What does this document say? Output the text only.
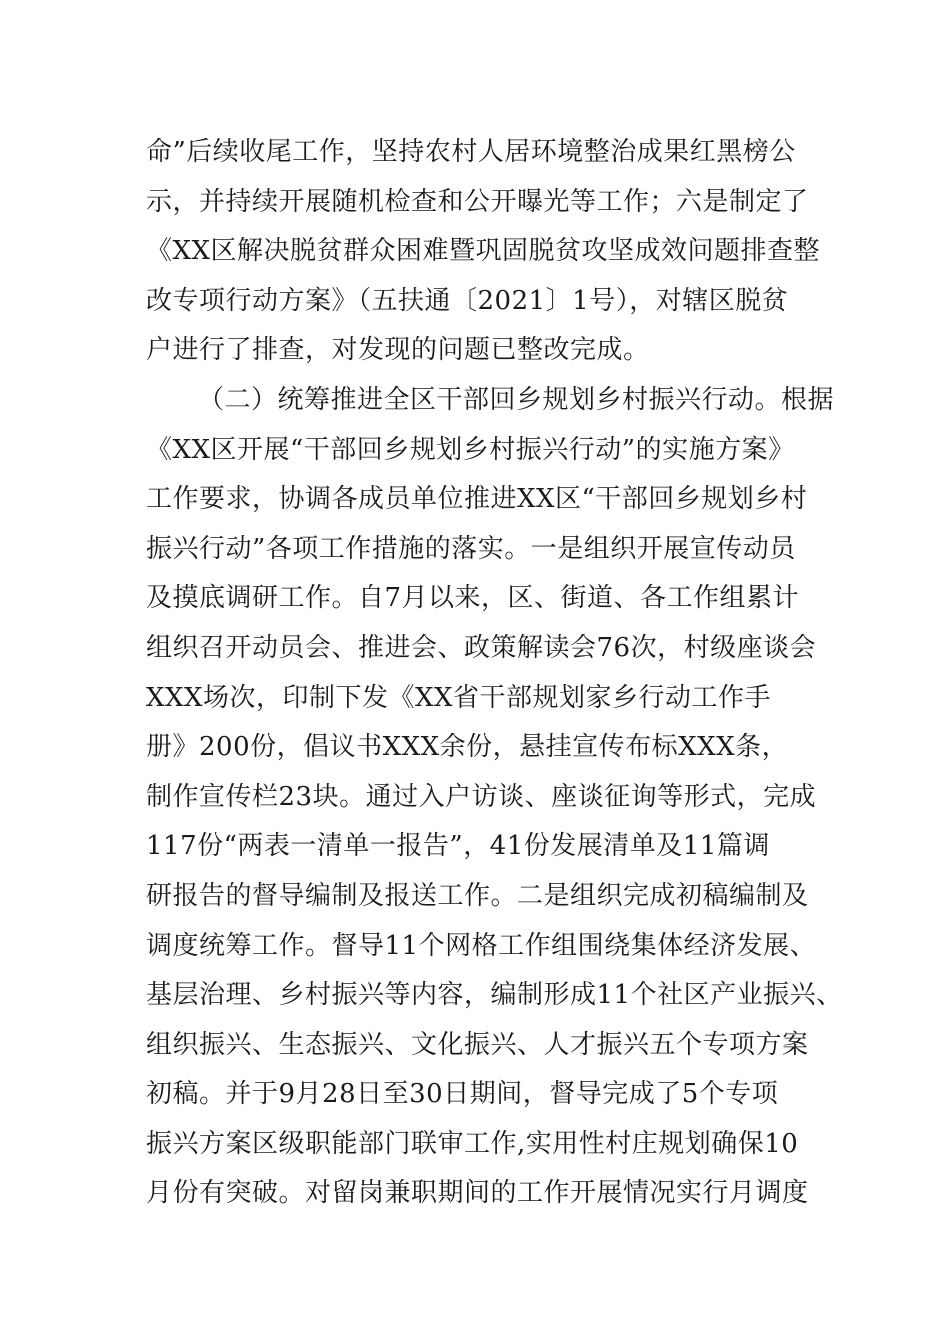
命”后续收尾工作，坚持农村人居环境整治成果红黑榜公
示，并持续开展随机检查和公开曝光等工作；六是制定了
《XX区解决脱贫群众困难暨巩固脱贫攻坚成效问题排查整
改专项行动方案》（五扶通〔2021〕1号），对辖区脱贫
户进行了排查，对发现的问题已整改完成。
（二）统筹推进全区干部回乡规划乡村振兴行动。根据
《XX区开展“干部回乡规划乡村振兴行动”的实施方案》
工作要求，协调各成员单位推进XX区“干部回乡规划乡村
振兴行动”各项工作措施的落实。一是组织开展宣传动员
及摸底调研工作。自7月以来，区、街道、各工作组累计
组织召开动员会、推进会、政策解读会76次，村级座谈会
XXX场次，印制下发《XX省干部规划家乡行动工作手
册》200份，倡议书XXX余份，悬挂宣传布标XXX条，
制作宣传栏23块。通过入户访谈、座谈征询等形式，完成
117份“两表一清单一报告”，41份发展清单及11篇调
研报告的督导编制及报送工作。二是组织完成初稿编制及
调度统筹工作。督导11个网格工作组围绕集体经济发展、
基层治理、乡村振兴等内容，编制形成11个社区产业振兴、
组织振兴、生态振兴、文化振兴、人才振兴五个专项方案
初稿。并于9月28日至30日期间，督导完成了5个专项
振兴方案区级职能部门联审工作,实用性村庄规划确保10
月份有突破。对留岗兼职期间的工作开展情况实行月调度
